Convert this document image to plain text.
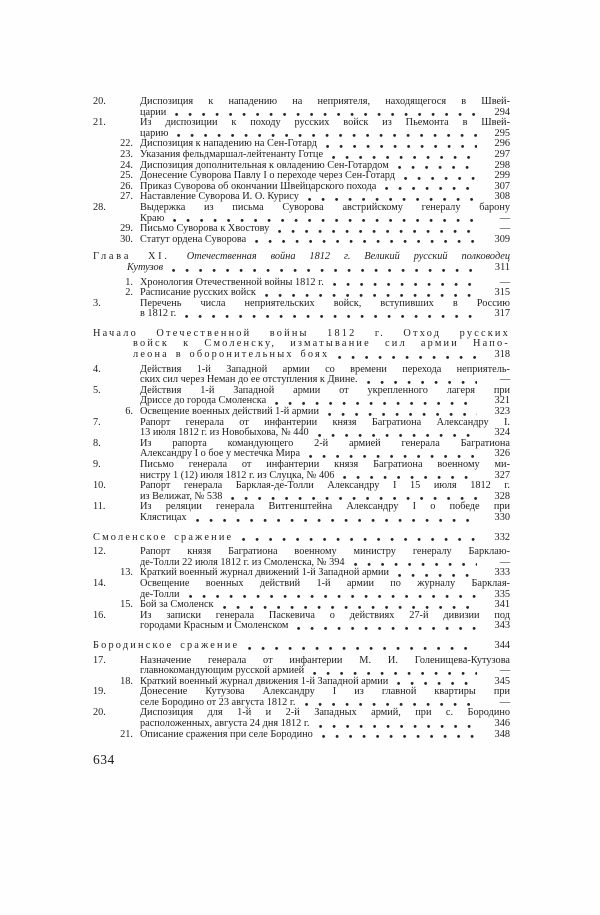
20.	Диспозиция к нападению на неприятеля, находящегося в Швей-
царии	294
21.	Из диспозиции к походу русских войск из Пьемонта в Швей-
царию	295
22. Диспозиция к нападению на Сен-Готард	296
23. Указания фельдмаршал-лейтенанту Готце	297
24. Диспозиция дополнительная к овладению Сен-Готардом	298
25. Донесение Суворова Павлу I о переходе через Сен-Готард	299
26. Приказ Суворова об окончании Швейцарского похода	307
27. Наставление Суворова И. О. Курису	308
28.	Выдержка из письма Суворова австрийскому генералу барону
Краю	—
29. Письмо Суворова к Хвостову	—
30. Статут ордена Суворова	309
Глава XI. Отечественная война 1812 г. Великий русский полководец
Кутузов	311
1. Хронология Отечественной войны 1812 г.	—
2. Расписание русских войск	315
3.	Перечень числа неприятельских войск, вступивших в Россию
в 1812 г.	317
Начало Отечественной войны 1812 г. Отход русских
войск к Смоленску, изматывание сил армии Напо-
леона в оборонительных боях	318
4.	Действия 1-й Западной армии со времени перехода неприятель-
ских сил через Неман до ее отступления к Двине.	—
5.	Действия 1-й Западной армии от укрепленного лагеря при
Дриссе до города Смоленска	321
6. Освещение военных действий 1-й армии	323
7.	Рапорт генерала от инфантерии князя Багратиона Александру I.
13 июля 1812 г. из Новобыхова, № 440	324
8.	Из рапорта командующего 2-й армией генерала Багратиона
Александру I о бое у местечка Мира	326
9.	Письмо генерала от инфантерии князя Багратиона военному ми-
нистру 1 (12) июля 1812 г. из Слуцка, № 406	327
10.	Рапорт генерала Барклая-де-Толли Александру I 15 июля 1812 г.
из Велижат, № 538	328
11.	Из реляции генерала Витгенштейна Александру I о победе при
Клястицах	330
Смоленское сражение	332
12.	Рапорт князя Багратиона военному министру генералу Барклаю-
де-Толли 22 июля 1812 г. из Смоленска, № 394	—
13. Краткий военный журнал движений 1-й Западной армии	333
14.	Освещение военных действий 1-й армии по журналу Барклая-
де-Толли	335
15. Бой за Смоленск	341
16.	Из записки генерала Паскевича о действиях 27-й дивизии под
городами Красным и Смоленском	343
Бородинское сражение	344
17.	Назначение генерала от инфантерии М. И. Голенищева-Кутузова
главнокомандующим русской армией	—
18. Краткий военный журнал движения 1-й Западной армии	345
19.	Донесение Кутузова Александру I из главной квартиры при
селе Бородино от 23 августа 1812 г.	—
20.	Диспозиция для 1-й и 2-й Западных армий, при с. Бородино
расположенных, августа 24 дня 1812 г.	346
21. Описание сражения при селе Бородино	348
634
